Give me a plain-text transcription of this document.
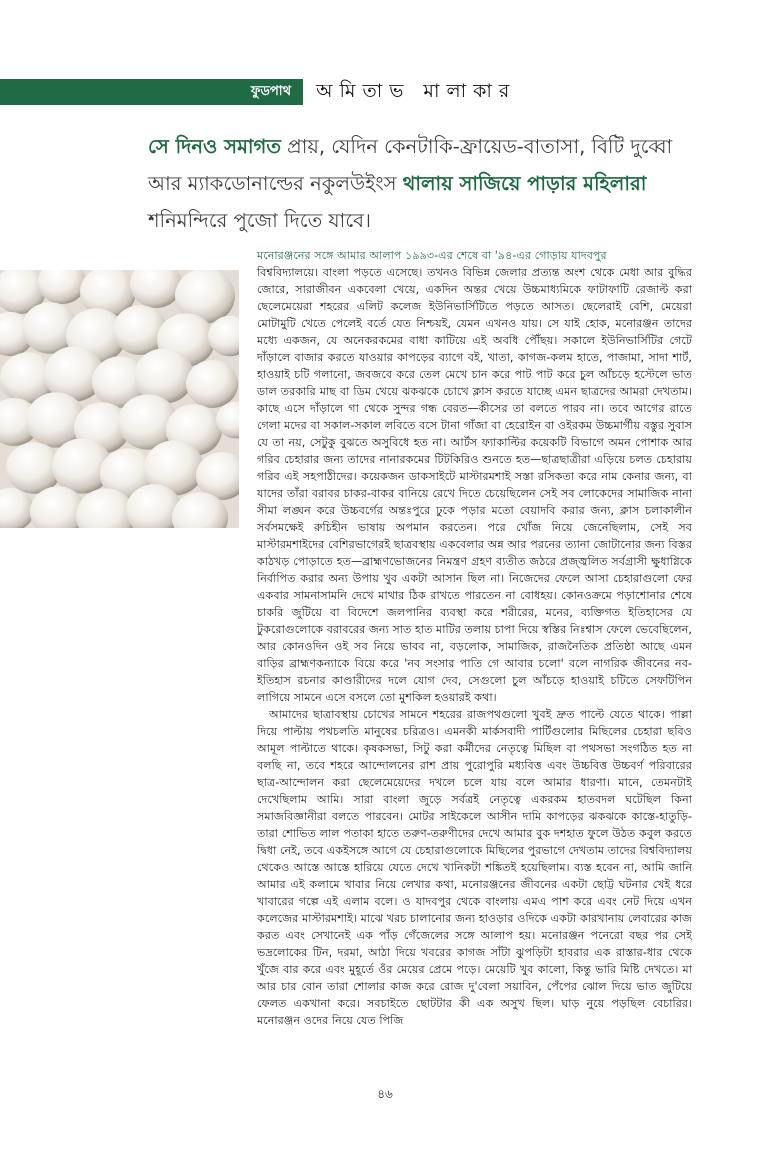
ফুডপাথ অমিতাভ মালাকার

সে দিনও সমাগত প্রায়, যেদিন কেনটাকি-ফ্রায়েড-বাতাসা, বিটি দুব্বো আর ম্যাকডোনাল্ডের নকুলউইংস থালায় সাজিয়ে পাড়ার মহিলারা শনিমন্দিরে পুজো দিতে যাবে।

মনোরঞ্জনের সঙ্গে আমার আলাপ ১৯৯৩-এর শেষে বা '৯৪-এর গোড়ায় যাদবপুর

বিশ্ববিদ্যালয়ে। বাংলা পড়তে এসেছে। তখনও বিভিন্ন জেলার প্রত্যন্ত অংশ থেকে মেধা আর বুদ্ধির জোরে, সারাজীবন একবেলা খেয়ে, একদিন অন্তর খেয়ে উচ্চমাধ্যমিকে ফাটাফাটি রেজাল্ট করা ছেলেমেয়েরা শহরের এলিট কলেজ ইউনিভার্সিটিতে পড়তে আসত। ছেলেরাই বেশি, মেয়েরা মোটামুটি খেতে পেলেই বর্তে যেত নিশ্চয়ই, যেমন এখনও যায়। সে যাই হোক, মনোরঞ্জন তাদের মধ্যে একজন, যে অনেকরকমের বাধা কাটিয়ে এই অবধি পৌঁছয়। সকালে ইউনিভার্সিটির গেটে দাঁড়ালে বাজার করতে যাওয়ার কাপড়ের ব্যাগে বই, খাতা, কাগজ-কলম হাতে, পাজামা, সাদা শার্ট, হাওয়াই চটি গলানো, জবজবে করে তেল মেখে চান করে পাট পাট করে চুল আঁচড়ে হস্টেলে ভাত ডাল তরকারি মাছ বা ডিম খেয়ে ঝকঝকে চোখে ক্লাস করতে যাচ্ছে এমন ছাত্রদের আমরা দেখতাম। কাছে এসে দাঁড়ালে গা থেকে সুন্দর গন্ধ বেরত—কীসের তা বলতে পারব না। তবে আগের রাতে গেলা মদের বা সকাল-সকাল লবিতে বসে টানা গাঁজা বা হেরোইন বা ওইরকম উচ্চমার্গীয় বস্তুর সুবাস যে তা নয়, সেটুকু বুঝতে অসুবিধে হত না। আর্টস ফ্যাকাল্টির কয়েকটি বিভাগে অমন পোশাক আর গরিব চেহারার জন্য তাদের নানারকমের টিটকিরিও শুনতে হত—ছাত্রছাত্রীরা এড়িয়ে চলত চেহারায় গরিব এই সহপাঠীদের। কয়েকজন ডাকসাইটে মাস্টারমশাই সস্তা রসিকতা করে নাম কেনার জন্য, বা যাদের তাঁরা বরাবর চাকর-বাকর বানিয়ে রেখে দিতে চেয়েছিলেন সেই সব লোকেদের সামাজিক নানা সীমা লঙ্ঘন করে উচ্চবর্গের অন্তঃপুরে ঢুকে পড়ার মতো বেয়াদবি করার জন্য, ক্লাস চলাকালীন সর্বসমক্ষেই রুচিহীন ভাষায় অপমান করতেন। পরে খোঁজ নিয়ে জেনেছিলাম, সেই সব মাস্টারমশাইদের বেশিরভাগেরই ছাত্রবস্থায় একবেলার অন্ন আর পরনের ত্যানা জোটানোর জন্য বিস্তর কাঠখড় পোড়াতে হত—ব্রাহ্মণভোজনের নিমন্ত্রণ গ্রহণ ব্যতীত জঠরে প্রজ্জ্বলিত সর্বগ্রাসী ক্ষুধাগ্নিকে নির্বাপিত করার অন্য উপায় খুব একটা আসান ছিল না। নিজেদের ফেলে আসা চেহারাগুলো ফের একবার সামনাসামনি দেখে মাথার ঠিক রাখতে পারতেন না বোধহয়। কোনওক্রমে পড়াশোনার শেষে চাকরি জুটিয়ে বা বিদেশে জলপানির ব্যবস্থা করে শরীরের, মনের, ব্যক্তিগত ইতিহাসের যে টুকরোগুলোকে বরাবরের জন্য সাত হাত মাটির তলায় চাপা দিয়ে স্বস্তির নিঃশ্বাস ফেলে ভেবেছিলেন, আর কোনওদিন ওই সব নিয়ে ভাবব না, বড়লোক, সামাজিক, রাজনৈতিক প্রতিষ্ঠা আছে এমন বাড়ির ব্রাহ্মণকন্যাকে বিয়ে করে 'নব সংসার পাতি গে আবার চলো' বলে নাগরিক জীবনের নব-ইতিহাস রচনার কাণ্ডারীদের দলে যোগ দেব, সেগুলো চুল আঁচড়ে হাওয়াই চটিতে সেফটিপিন লাগিয়ে সামনে এসে বসলে তো মুশকিল হওয়ারই কথা।

আমাদের ছাত্রাবস্থায় চোখের সামনে শহরের রাজপথগুলো খুবই দ্রুত পাল্টে যেতে থাকে। পাল্লা দিয়ে পাল্টায় পথচলতি মানুষের চরিত্রও। এমনকী মার্কসবাদী পার্টিগুলোর মিছিলের চেহারা ছবিও আমূল পাল্টাতে থাকে। কৃষকসভা, সিটু করা কর্মীদের নেতৃত্বে মিছিল বা পথসভা সংগঠিত হত না বলছি না, তবে শহরে আন্দোলনের রাশ প্রায় পুরোপুরি মধ্যবিত্ত এবং উচ্চবিত্ত উচ্চবর্ণ পরিবারের ছাত্র-আন্দোলন করা ছেলেমেয়েদের দখলে চলে যায় বলে আমার ধারণা। মানে, তেমনটাই দেখেছিলাম আমি। সারা বাংলা জুড়ে সর্বত্রই নেতৃত্বে একরকম হাতবদল ঘটেছিল কিনা সমাজবিজ্ঞানীরা বলতে পারবেন। মোটর সাইকেলে আসীন দামি কাপড়ের ঝকঝকে কাস্তে-হাতুড়ি-তারা শোভিত লাল পতাকা হাতে তরুণ-তরুণীদের দেখে আমার বুক দশহাত ফুলে উঠত কবুল করতে দ্বিধা নেই, তবে একইসঙ্গে আগে যে চেহারাগুলোকে মিছিলের পুরভাগে দেখতাম তাদের বিশ্ববিদ্যালয় থেকেও আস্তে আস্তে হারিয়ে যেতে দেখে খানিকটা শঙ্কিতই হয়েছিলাম। ব্যস্ত হবেন না, আমি জানি আমার এই কলামে খাবার নিয়ে লেখার কথা, মনোরঞ্জনের জীবনের একটা ছোট্ট ঘটনার খেই ধরে খাবারের গল্পে এই এলাম বলে। ও যাদবপুর থেকে বাংলায় এমএ পাশ করে এবং নেট দিয়ে এখন কলেজের মাস্টারমশাই। মাঝে খরচ চালানোর জন্য হাওড়ার ওদিকে একটা কারখানায় লেবারের কাজ করত এবং সেখানেই এক পাঁড় গেঁজেলের সঙ্গে আলাপ হয়। মনোরঞ্জন পনেরো বছর পর সেই ভদ্রলোকের টিন, দরমা, আঠা দিয়ে খবরের কাগজ সাঁটা ঝুপড়িটা হাবরার এক রাস্তার-ধার থেকে খুঁজে বার করে এবং মুহূর্তে ওঁর মেয়ের প্রেমে পড়ে। মেয়েটি খুব কালো, কিন্তু ভারি মিষ্টি দেখতে। মা আর চার বোন তারা শোলার কাজ করে রোজ দু'বেলা সয়াবিন, পেঁপের ঝোল দিয়ে ভাত জুটিয়ে ফেলত একখানা করে। সবচাইতে ছোটটার কী এক অসুখ ছিল। ঘাড় নুয়ে পড়ছিল বেচারির। মনোরঞ্জন ওদের নিয়ে যেত পিজি

৪৬
